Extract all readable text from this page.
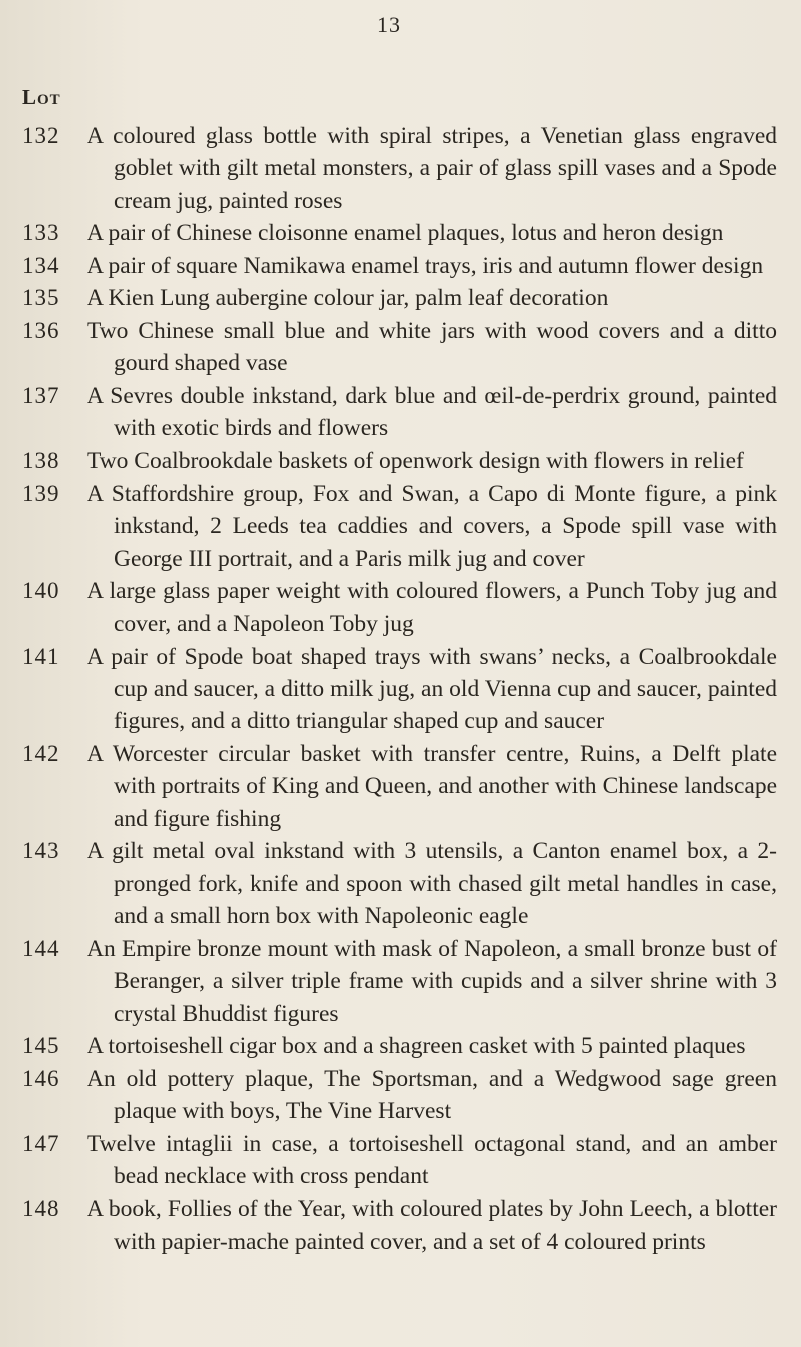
13
Lot
132 A coloured glass bottle with spiral stripes, a Venetian glass engraved goblet with gilt metal monsters, a pair of glass spill vases and a Spode cream jug, painted roses

133 A pair of Chinese cloisonne enamel plaques, lotus and heron design

134 A pair of square Namikawa enamel trays, iris and autumn flower design

135 A Kien Lung aubergine colour jar, palm leaf decoration

136 Two Chinese small blue and white jars with wood covers and a ditto gourd shaped vase

137 A Sevres double inkstand, dark blue and œil-de-perdrix ground, painted with exotic birds and flowers

138 Two Coalbrookdale baskets of openwork design with flowers in relief

139 A Staffordshire group, Fox and Swan, a Capo di Monte figure, a pink inkstand, 2 Leeds tea caddies and covers, a Spode spill vase with George III portrait, and a Paris milk jug and cover

140 A large glass paper weight with coloured flowers, a Punch Toby jug and cover, and a Napoleon Toby jug

141 A pair of Spode boat shaped trays with swans’ necks, a Coalbrookdale cup and saucer, a ditto milk jug, an old Vienna cup and saucer, painted figures, and a ditto triangular shaped cup and saucer

142 A Worcester circular basket with transfer centre, Ruins, a Delft plate with portraits of King and Queen, and another with Chinese landscape and figure fishing

143 A gilt metal oval inkstand with 3 utensils, a Canton enamel box, a 2-pronged fork, knife and spoon with chased gilt metal handles in case, and a small horn box with Napoleonic eagle

144 An Empire bronze mount with mask of Napoleon, a small bronze bust of Beranger, a silver triple frame with cupids and a silver shrine with 3 crystal Bhuddist figures

145 A tortoiseshell cigar box and a shagreen casket with 5 painted plaques

146 An old pottery plaque, The Sportsman, and a Wedgwood sage green plaque with boys, The Vine Harvest

147 Twelve intaglii in case, a tortoiseshell octagonal stand, and an amber bead necklace with cross pendant

148 A book, Follies of the Year, with coloured plates by John Leech, a blotter with papier-mache painted cover, and a set of 4 coloured prints
